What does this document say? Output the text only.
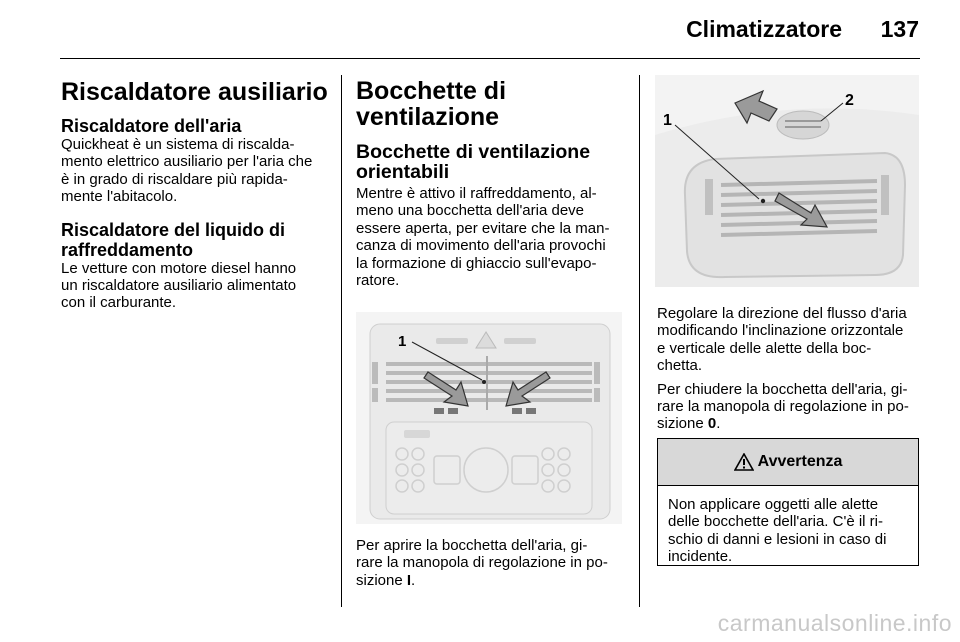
Climatizzatore 137
Riscaldatore ausiliario
Riscaldatore dell'aria

Quickheat è un sistema di riscalda-

mento elettrico ausiliario per l'aria che

è in grado di riscaldare più rapida-

mente l'abitacolo.

Riscaldatore del liquido di
raffreddamento

Le vetture con motore diesel hanno

un riscaldatore ausiliario alimentato

con il carburante.

Bocchette di
ventilazione
Bocchette di ventilazione
orientabili

Mentre è attivo il raffreddamento, al-

meno una bocchetta dell'aria deve

essere aperta, per evitare che la man-

canza di movimento dell'aria provochi

la formazione di ghiaccio sull'evapo-

ratore.

1

Per aprire la bocchetta dell'aria, gi-

rare la manopola di regolazione in po-

sizione I.

1
2

Regolare la direzione del flusso d'aria

modificando l'inclinazione orizzontale

e verticale delle alette della boc-

chetta.

Per chiudere la bocchetta dell'aria, gi-

rare la manopola di regolazione in po-

sizione 0.

Avvertenza
Non applicare oggetti alle alette
delle bocchette dell'aria. C'è il ri-
schio di danni e lesioni in caso di
incidente.
carmanualsonline.info
